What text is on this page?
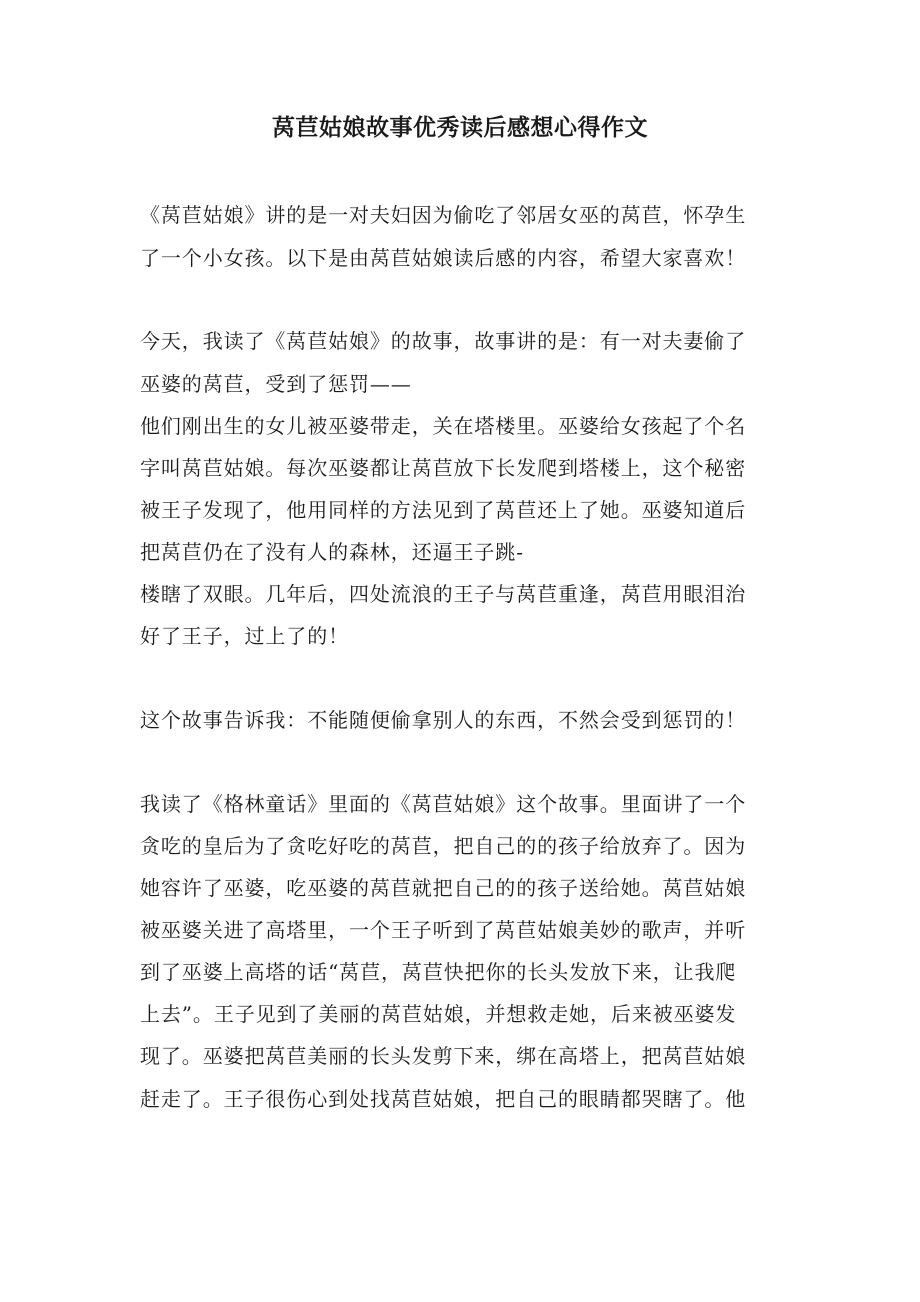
莴苣姑娘故事优秀读后感想心得作文
《莴苣姑娘》讲的是一对夫妇因为偷吃了邻居女巫的莴苣，怀孕生
了一个小女孩。以下是由莴苣姑娘读后感的内容，希望大家喜欢！
今天，我读了《莴苣姑娘》的故事，故事讲的是：有一对夫妻偷了
巫婆的莴苣，受到了惩罚——
他们刚出生的女儿被巫婆带走，关在塔楼里。巫婆给女孩起了个名
字叫莴苣姑娘。每次巫婆都让莴苣放下长发爬到塔楼上，这个秘密
被王子发现了，他用同样的方法见到了莴苣还上了她。巫婆知道后
把莴苣仍在了没有人的森林，还逼王子跳-
楼瞎了双眼。几年后，四处流浪的王子与莴苣重逢，莴苣用眼泪治
好了王子，过上了的！
这个故事告诉我：不能随便偷拿别人的东西，不然会受到惩罚的！
我读了《格林童话》里面的《莴苣姑娘》这个故事。里面讲了一个
贪吃的皇后为了贪吃好吃的莴苣，把自己的的孩子给放弃了。因为
她容许了巫婆，吃巫婆的莴苣就把自己的的孩子送给她。莴苣姑娘
被巫婆关进了高塔里，一个王子听到了莴苣姑娘美妙的歌声，并听
到了巫婆上高塔的话“莴苣，莴苣快把你的长头发放下来，让我爬
上去”。王子见到了美丽的莴苣姑娘，并想救走她，后来被巫婆发
现了。巫婆把莴苣美丽的长头发剪下来，绑在高塔上，把莴苣姑娘
赶走了。王子很伤心到处找莴苣姑娘，把自己的眼睛都哭瞎了。他
